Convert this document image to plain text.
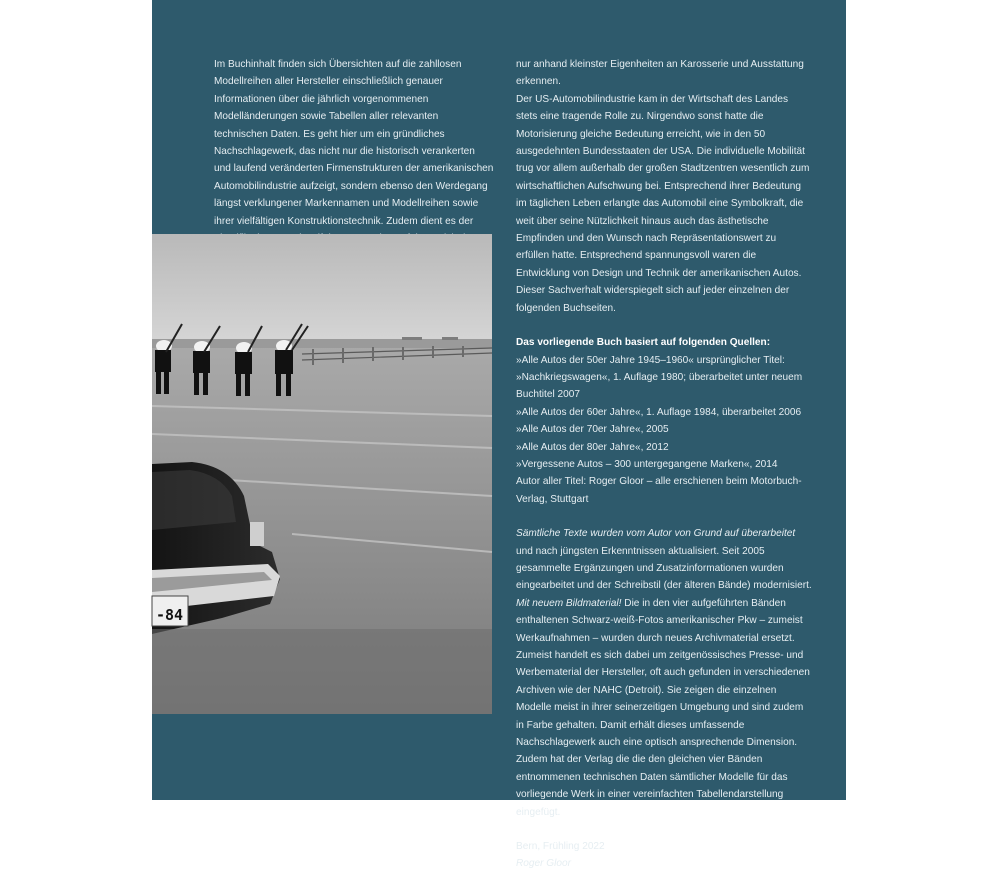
Im Buchinhalt finden sich Übersichten auf die zahllosen Modellreihen aller Hersteller einschließlich genauer Informationen über die jährlich vorgenommenen Modelländerungen sowie Tabellen aller relevanten technischen Daten. Es geht hier um ein gründliches Nachschlagewerk, das nicht nur die historisch verankerten und laufend veränderten Firmenstrukturen der amerikanischen Automobilindustrie aufzeigt, sondern ebenso den Werdegang längst verklungener Markennamen und Modellreihen sowie ihrer vielfältigen Konstruktionstechnik. Zudem dient es der

-84

nur anhand kleinster Eigenheiten an Karosserie und Ausstattung erkennen.

Der US-Automobilindustrie kam in der Wirtschaft des Landes stets eine tragende Rolle zu. Nirgendwo sonst hatte die Motorisierung gleiche Bedeutung erreicht, wie in den 50 ausgedehnten Bundesstaaten der USA. Die individuelle Mobilität trug vor allem außerhalb der großen Stadtzentren wesentlich zum wirtschaftlichen Aufschwung bei. Entsprechend ihrer Bedeutung im täglichen Leben erlangte das Automobil eine Symbolkraft, die weit über seine Nützlichkeit hinaus auch das ästhetische Empfinden und den Wunsch nach Repräsentationswert zu erfüllen hatte. Entsprechend spannungsvoll waren die Entwicklung von Design und Technik der amerikanischen Autos. Dieser Sachverhalt widerspiegelt sich auf jeder einzelnen der folgenden Buchseiten.

Das vorliegende Buch basiert auf folgenden Quellen:

»Alle Autos der 50er Jahre 1945–1960« ursprünglicher Titel: »Nachkriegswagen«, 1. Auflage 1980; überarbeitet unter neuem Buchtitel 2007

»Alle Autos der 60er Jahre«, 1. Auflage 1984, überarbeitet 2006

»Alle Autos der 70er Jahre«, 2005

»Alle Autos der 80er Jahre«, 2012

»Vergessene Autos – 300 untergegangene Marken«, 2014

Autor aller Titel: Roger Gloor – alle erschienen beim Motorbuch-Verlag, Stuttgart

Sämtliche Texte wurden vom Autor von Grund auf überarbeitet und nach jüngsten Erkenntnissen aktualisiert. Seit 2005 gesammelte Ergänzungen und Zusatzinformationen wurden eingearbeitet und der Schreibstil (der älteren Bände) modernisiert.

Mit neuem Bildmaterial! Die in den vier aufgeführten Bänden enthaltenen Schwarz-weiß-Fotos amerikanischer Pkw – zumeist Werkaufnahmen – wurden durch neues Archivmaterial ersetzt. Zumeist handelt es sich dabei um zeitgenössisches Presse- und Werbematerial der Hersteller, oft auch gefunden in verschiedenen Archiven wie der NAHC (Detroit). Sie zeigen die einzelnen Modelle meist in ihrer seinerzeitigen Umgebung und sind zudem in Farbe gehalten. Damit erhält dieses umfassende Nachschlagewerk auch eine optisch ansprechende Dimension. Zudem hat der Verlag die die den gleichen vier Bänden entnommenen technischen Daten sämtlicher Modelle für das vorliegende Werk in einer vereinfachten Tabellendarstellung eingefügt.

Bern, Frühling 2022

Roger Gloor
